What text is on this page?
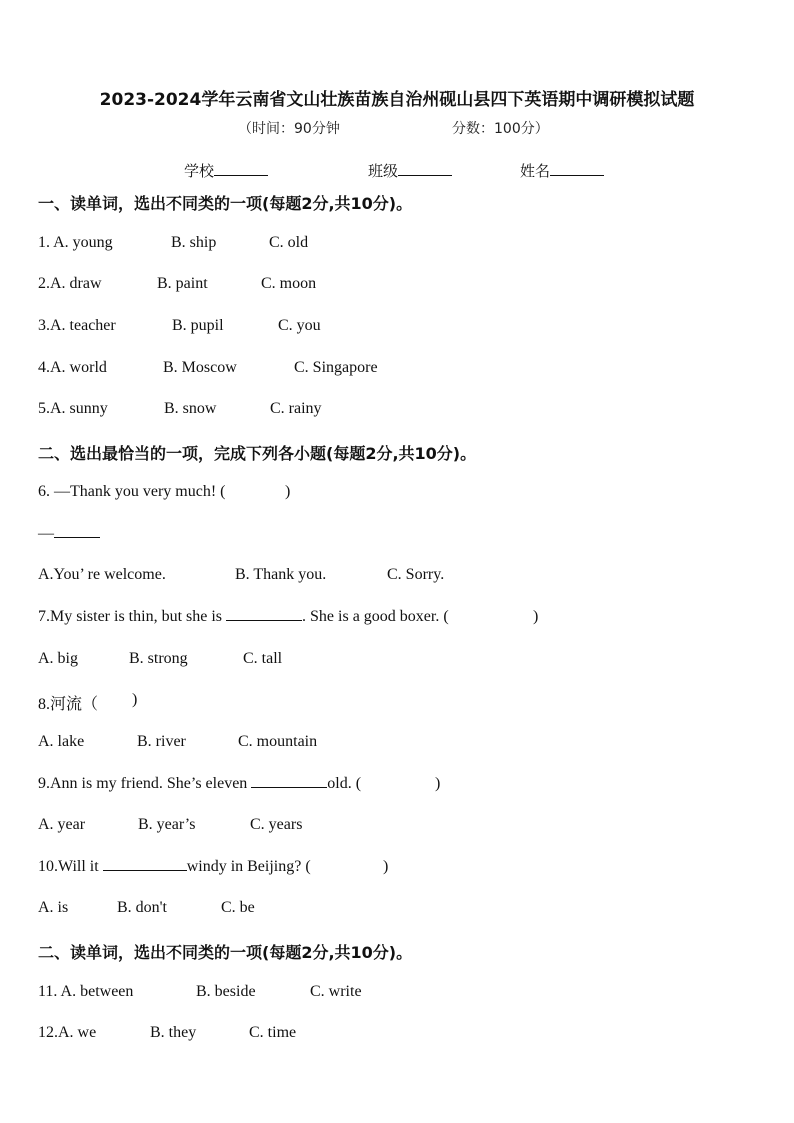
2023-2024学年云南省文山壮族苗族自治州砚山县四下英语期中调研模拟试题
（时间：90分钟	分数：100分）
学校	班级	姓名
一、读单词，选出不同类的一项(每题2分,共10分)。
1. A. young	B. ship	C. old
2.A. draw	B. paint	C. moon
3.A. teacher	B. pupil	C. you
4.A. world	B. Moscow	C. Singapore
5.A. sunny	B. snow	C. rainy
二、选出最恰当的一项，完成下列各小题(每题2分,共10分)。
6. —Thank you very much! (	)
—
A.You’ re welcome.	B. Thank you.	C. Sorry.
7.My sister is thin, but she is	. She is a good boxer. (	)
A. big	B. strong	C. tall
8.河流（ )
A. lake	B. river	C. mountain
9.Ann is my friend. She’s eleven	old. (	)
A. year	B. year’s	C. years
10.Will it	windy in Beijing? (	)
A. is	B. don't	C. be
二、读单词，选出不同类的一项(每题2分,共10分)。
11. A. between	B. beside	C. write
12.A. we	B. they	C. time
